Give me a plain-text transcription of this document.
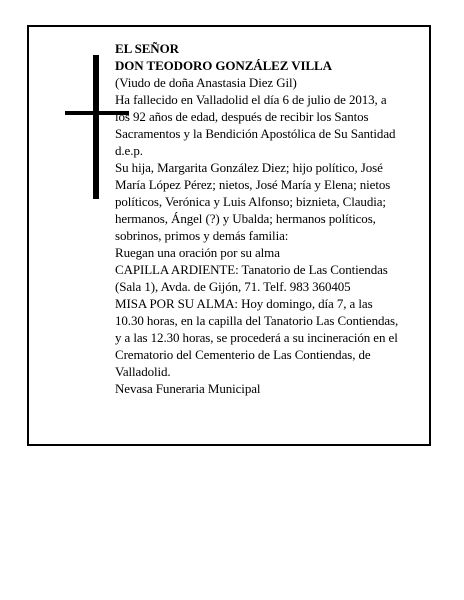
EL SEÑOR
DON TEODORO GONZÁLEZ VILLA
(Viudo de doña Anastasia Diez Gil)
Ha fallecido en Valladolid el día 6 de julio de 2013, a
los 92 años de edad, después de recibir los Santos
Sacramentos y la Bendición Apostólica de Su Santidad
d.e.p.
Su hija, Margarita González Diez; hijo político, José
María López Pérez; nietos, José María y Elena; nietos
políticos, Verónica y Luis Alfonso; biznieta, Claudia;
hermanos, Ángel (?) y Ubalda; hermanos políticos,
sobrinos, primos y demás familia:
Ruegan una oración por su alma
CAPILLA ARDIENTE: Tanatorio de Las Contiendas
(Sala 1), Avda. de Gijón, 71. Telf. 983 360405
MISA POR SU ALMA: Hoy domingo, día 7, a las
10.30 horas, en la capilla del Tanatorio Las Contiendas,
y a las 12.30 horas, se procederá a su incineración en el
Crematorio del Cementerio de Las Contiendas, de
Valladolid.
Nevasa Funeraria Municipal
